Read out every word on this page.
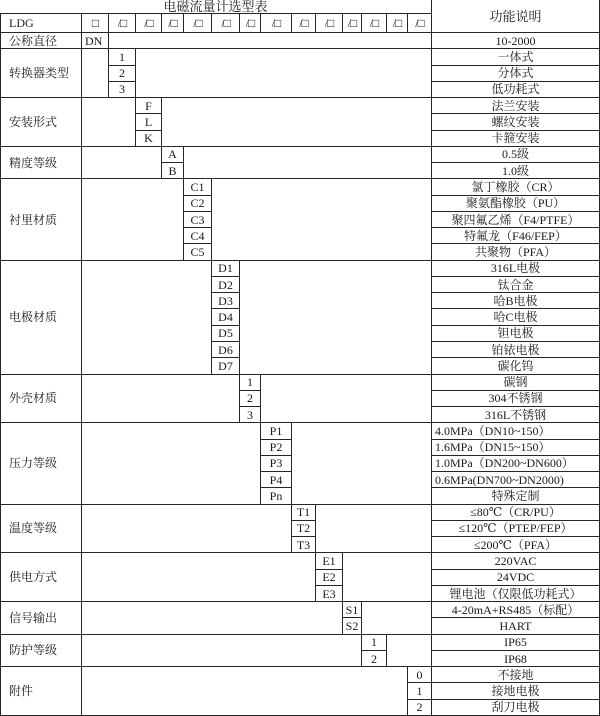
电磁流量计选型表
功能说明
LDG	□	/□	/□	/□	/□	/□	/□	/□	/□	/□	/□	/□	/□	/□
公称直径	DN	10-2000
转换器类型
1	一体式
2	分体式
3	低功耗式
安装形式
F	法兰安装
L	螺纹安装
K	卡箍安装
精度等级
A	0.5级
B	1.0级
衬里材质
C1	氯丁橡胶（CR）
C2	聚氨酯橡胶（PU）
C3	聚四氟乙烯（F4/PTFE）
C4	特氟龙（F46/FEP）
C5	共聚物（PFA）
电极材质
D1	316L电极
D2	钛合金
D3	哈B电极
D4	哈C电极
D5	钽电极
D6	铂铱电极
D7	碳化钨
外壳材质
1	碳钢
2	304不锈钢
3	316L不锈钢
压力等级
P1	4.0MPa（DN10~150）
P2	1.6MPa（DN15~150）
P3	1.0MPa（DN200~DN600）
P4	0.6MPa(DN700~DN2000)
Pn	特殊定制
温度等级
T1	≤80℃（CR/PU）
T2	≤120℃（PTEP/FEP）
T3	≤200℃（PFA）
供电方式
E1	220VAC
E2	24VDC
E3	锂电池（仅限低功耗式）
信号输出
S1	4-20mA+RS485（标配）
S2	HART
防护等级
1	IP65
2	IP68
附件
0	不接地
1	接地电极
2	刮刀电极
